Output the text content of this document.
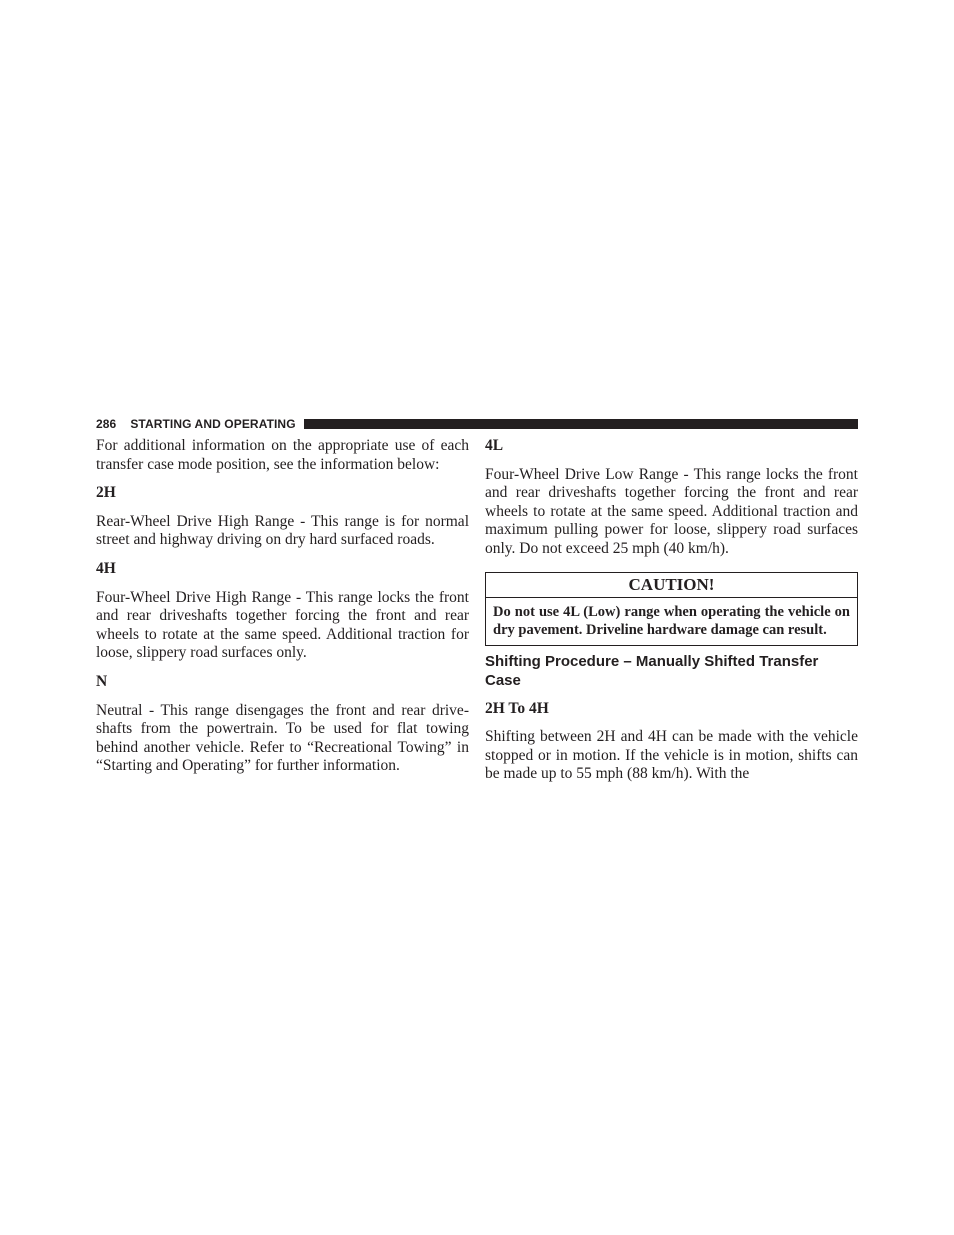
286 STARTING AND OPERATING

For additional information on the appropriate use of each transfer case mode position, see the information below:

2H

Rear-Wheel Drive High Range - This range is for normal street and highway driving on dry hard surfaced roads.

4H

Four-Wheel Drive High Range - This range locks the front and rear driveshafts together forcing the front and rear wheels to rotate at the same speed. Additional traction for loose, slippery road surfaces only.

N

Neutral - This range disengages the front and rear driveshafts from the powertrain. To be used for flat towing behind another vehicle. Refer to “Recreational Towing” in “Starting and Operating” for further information.

4L

Four-Wheel Drive Low Range - This range locks the front and rear driveshafts together forcing the front and rear wheels to rotate at the same speed. Additional traction and maximum pulling power for loose, slippery road surfaces only. Do not exceed 25 mph (40 km/h).

CAUTION!
Do not use 4L (Low) range when operating the vehicle on dry pavement. Driveline hardware damage can result.
Shifting Procedure – Manually Shifted Transfer Case
2H To 4H

Shifting between 2H and 4H can be made with the vehicle stopped or in motion. If the vehicle is in motion, shifts can be made up to 55 mph (88 km/h). With the
